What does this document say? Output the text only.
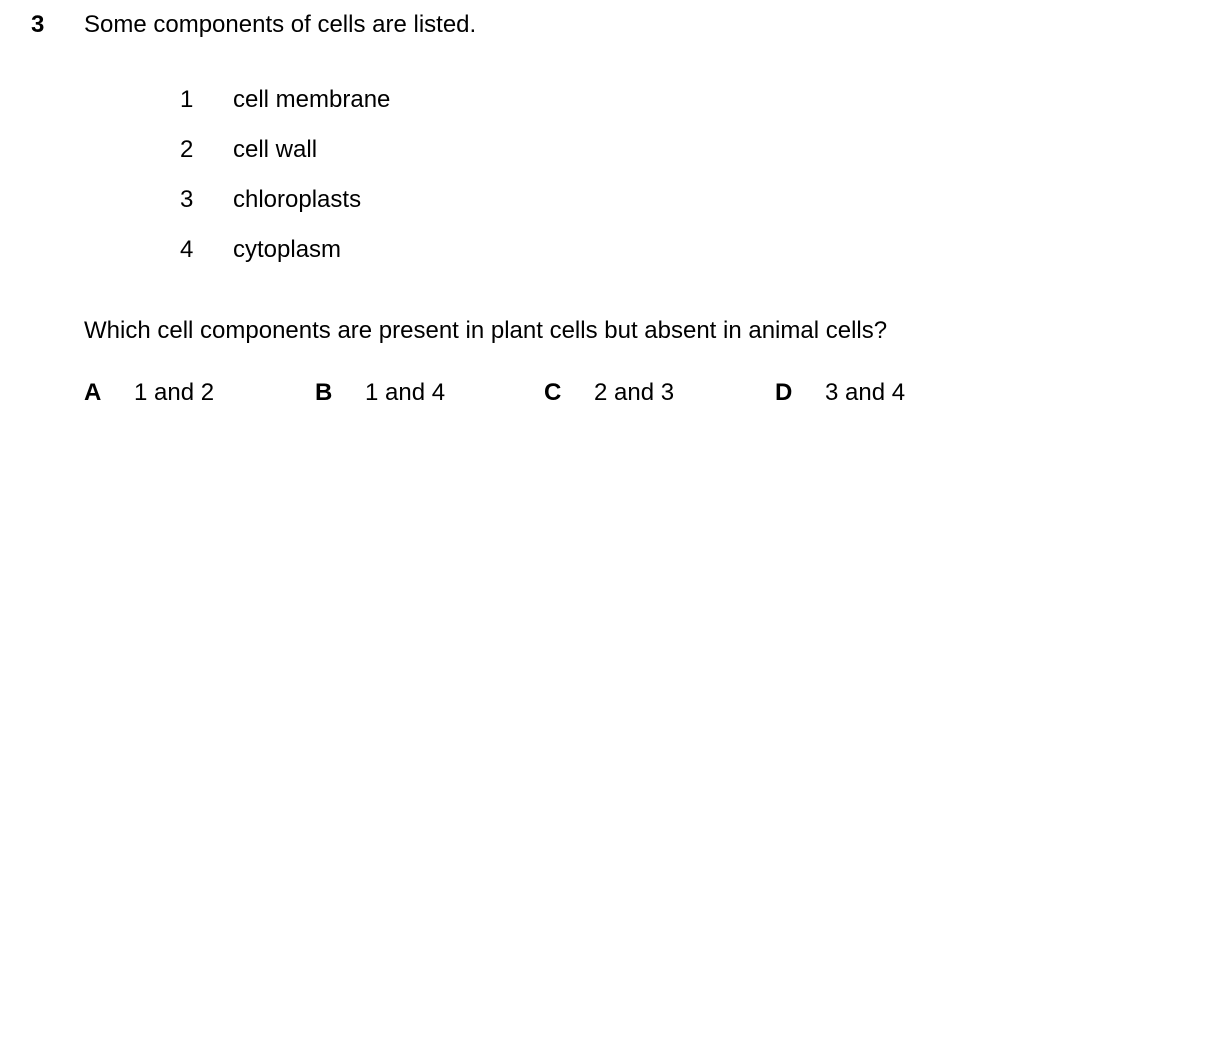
3 Some components of cells are listed.
1 cell membrane
2 cell wall
3 chloroplasts
4 cytoplasm
Which cell components are present in plant cells but absent in animal cells?
A 1 and 2	B 1 and 4	C 2 and 3	D 3 and 4
